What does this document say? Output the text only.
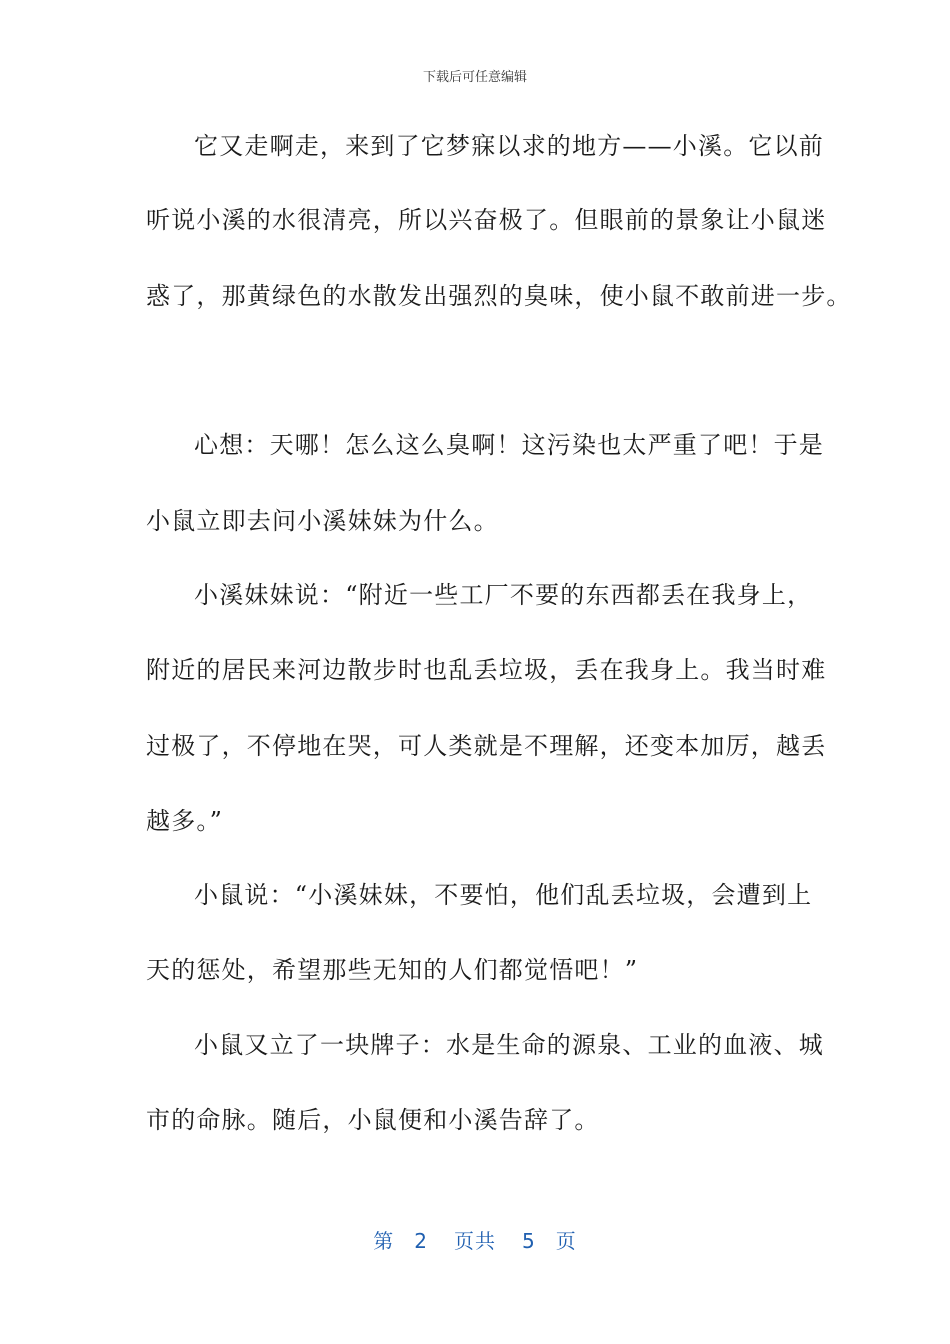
下载后可任意编辑
它又走啊走，来到了它梦寐以求的地方——小溪。它以前
听说小溪的水很清亮，所以兴奋极了。但眼前的景象让小鼠迷
惑了，那黄绿色的水散发出强烈的臭味，使小鼠不敢前进一步。
心想：天哪！怎么这么臭啊！这污染也太严重了吧！于是
小鼠立即去问小溪妹妹为什么。
小溪妹妹说：“附近一些工厂不要的东西都丢在我身上，
附近的居民来河边散步时也乱丢垃圾，丢在我身上。我当时难
过极了，不停地在哭，可人类就是不理解，还变本加厉，越丢
越多。”
小鼠说：“小溪妹妹，不要怕，他们乱丢垃圾，会遭到上
天的惩处，希望那些无知的人们都觉悟吧！”
小鼠又立了一块牌子：水是生命的源泉、工业的血液、城
市的命脉。随后，小鼠便和小溪告辞了。
第 2 页共 5 页
